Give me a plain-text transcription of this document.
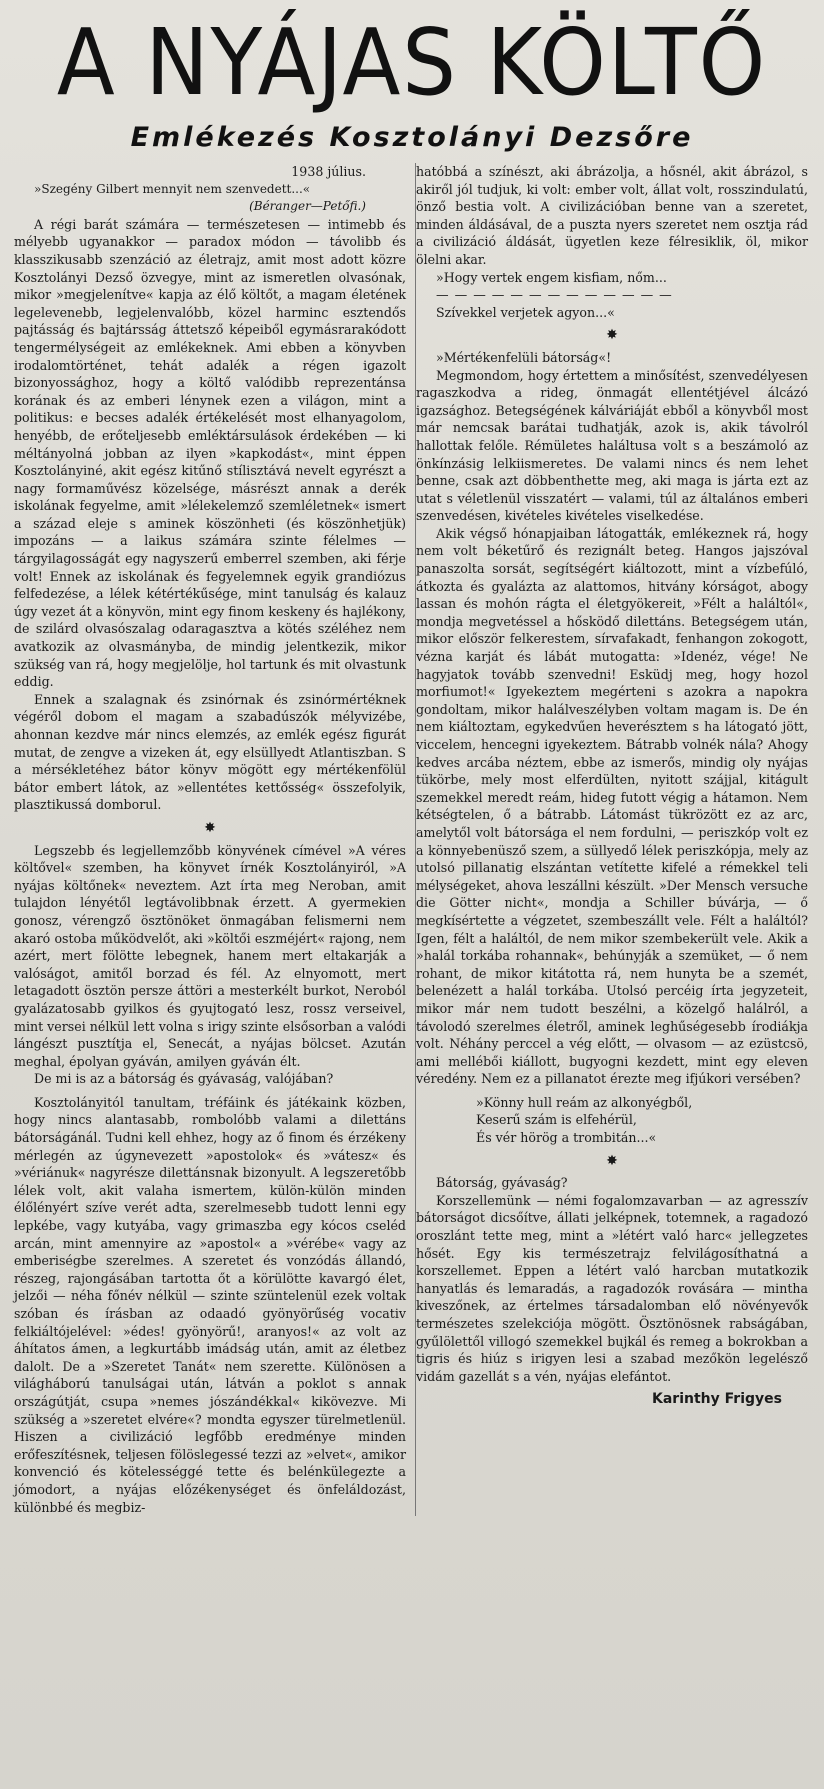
A NYÁJAS KÖLTŐ
Emlékezés Kosztolányi Dezsőre

1938 július.

»Szegény Gilbert mennyit nem szenvedett...«

(Béranger—Petőfi.)

A régi barát számára — természetesen — intimebb és mélyebb ugyanakkor — paradox módon — távolibb és klasszikusabb szenzáció az életrajz, amit most adott közre Kosztolányi Dezső özvegye, mint az ismeretlen olvasónak, mikor »megjelenítve« kapja az élő költőt, a magam életének legelevenebb, legjelenvalóbb, közel harminc esztendős pajtásság és bajtársság áttetsző képeiből egymásrarakódott tengermélységeit az emlékeknek. Ami ebben a könyvben irodalomtörténet, tehát adalék a régen igazolt bizonyossághoz, hogy a költő valódibb reprezentánsa korának és az emberi lénynek ezen a világon, mint a politikus: e becses adalék értékelését most elhanyagolom, henyébb, de erőteljesebb emléktársulások érdekében — ki méltányolná jobban az ilyen »kapkodást«, mint éppen Kosztolányiné, akit egész kitűnő stílisztává nevelt egyrészt a nagy formaművész közelsége, másrészt annak a derék iskolának fegyelme, amit »lélekelemző szemléletnek« ismert a század eleje s aminek köszönheti (és köszönhetjük) impozáns — a laikus számára szinte félelmes — tárgyilagosságát egy nagyszerű emberrel szemben, aki férje volt! Ennek az iskolának és fegyelemnek egyik grandiózus felfedezése, a lélek kétértékűsége, mint tanulság és kalauz úgy vezet át a könyvön, mint egy finom keskeny és hajlékony, de szilárd olvasószalag odaragasztva a kötés széléhez nem avatkozik az olvasmányba, de mindig jelentkezik, mikor szükség van rá, hogy megjelölje, hol tartunk és mit olvastunk eddig.

Ennek a szalagnak és zsinórnak és zsinórmértéknek végéről dobom el magam a szabadúszók mélyvizébe, ahonnan kezdve már nincs elemzés, az emlék egész figurát mutat, de zengve a vizeken át, egy elsüllyedt Atlantiszban. S a mérsékletéhez bátor könyv mögött egy mértékenfölül bátor embert látok, az »ellentétes kettősség« összefolyik, plasztikussá domborul.

✸

Legszebb és legjellemzőbb könyvének címével »A véres költővel« szemben, ha könyvet írnék Kosztolányiról, »A nyájas költőnek« neveztem. Azt írta meg Neroban, amit tulajdon lényétől legtávolibbnak érzett. A gyermekien gonosz, vérengző ösztönöket önmagában felismerni nem akaró ostoba működvelőt, aki »költői eszméjért« rajong, nem azért, mert fölötte lebegnek, hanem mert eltakarják a valóságot, amitől borzad és fél. Az elnyomott, mert letagadott ösztön persze áttöri a mesterkélt burkot, Neroból gyalázatosabb gyilkos és gyujtogató lesz, rossz verseivel, mint versei nélkül lett volna s irigy szinte elsősorban a valódi lángészt pusztítja el, Senecát, a nyájas bölcset. Azután meghal, épolyan gyáván, amilyen gyáván élt.

De mi is az a bátorság és gyávaság, valójában?

Kosztolányitól tanultam, tréfáink és játékaink közben, hogy nincs alantasabb, rombolóbb valami a dilettáns bátorságánál. Tudni kell ehhez, hogy az ő finom és érzékeny mérlegén az úgynevezett »apostolok« és »vátesz« és »vériánuk« nagyrésze dilettánsnak bizonyult. A legszeretőbb lélek volt, akit valaha ismertem, külön-külön minden élőlényért szíve verét adta, szerelmesebb tudott lenni egy lepkébe, vagy kutyába, vagy grimaszba egy kócos cseléd arcán, mint amennyire az »apostol« a »vérébe« vagy az emberiségbe szerelmes. A szeretet és vonzódás állandó, részeg, rajongásában tartotta őt a körülötte kavargó élet, jelzői — néha főnév nélkül — szinte szüntelenül ezek voltak szóban és írásban az odaadó gyönyörűség vocativ felkiáltójelével: »édes! gyönyörű!, aranyos!« az volt az áhítatos ámen, a legkurtább imádság után, amit az életbez dalolt. De a »Szeretet Tanát« nem szerette. Különösen a világháború tanulságai után, látván a poklot s annak országútját, csupa »nemes jószándékkal« kikövezve. Mi szükség a »szeretet elvére«? mondta egyszer türelmetlenül. Hiszen a civilizáció legfőbb eredménye minden erőfeszítésnek, teljesen fölöslegessé tezzi az »elvet«, amikor konvenció és kötelességgé tette és belénkülegezte a jómodort, a nyájas előzékenységet és önfeláldozást, különbbé és megbiz-

hatóbbá a színészt, aki ábrázolja, a hősnél, akit ábrázol, s akiről jól tudjuk, ki volt: ember volt, állat volt, rosszindulatú, önző bestia volt. A civilizációban benne van a szeretet, minden áldásával, de a puszta nyers szeretet nem osztja rád a civilizáció áldását, ügyetlen keze félresiklik, öl, mikor ölelni akar.

»Hogy vertek engem kisfiam, nőm...

— — — — — — — — — — — — —

Szívekkel verjetek agyon...«

✸

»Mértékenfelüli bátorság«!

Megmondom, hogy értettem a minősítést, szenvedélyesen ragaszkodva a rideg, önmagát ellentétjével álcázó igazsághoz. Betegségének kálváriáját ebből a könyvből most már nemcsak barátai tudhatják, azok is, akik távolról hallottak felőle. Rémületes haláltusa volt s a beszámoló az önkínzásig lelkiismeretes. De valami nincs és nem lehet benne, csak azt döbbenthette meg, aki maga is járta ezt az utat s véletlenül visszatért — valami, túl az általános emberi szenvedésen, kivételes kivételes viselkedése.

Akik végső hónapjaiban látogatták, emlékeznek rá, hogy nem volt béketűrő és rezignált beteg. Hangos jajszóval panaszolta sorsát, segítségért kiáltozott, mint a vízbefúló, átkozta és gyalázta az alattomos, hitvány kórságot, abogy lassan és mohón rágta el életgyökereit, »Félt a haláltól«, mondja megvetéssel a hősködő dilettáns. Betegségem után, mikor először felkerestem, sírvafakadt, fenhangon zokogott, vézna karját és lábát mutogatta: »Idenéz, vége! Ne hagyjatok tovább szenvedni! Esküdj meg, hogy hozol morfiumot!« Igyekeztem megérteni s azokra a napokra gondoltam, mikor halálveszélyben voltam magam is. De én nem kiáltoztam, egykedvűen heverésztem s ha látogató jött, viccelem, hencegni igyekeztem. Bátrabb volnék nála? Ahogy kedves arcába néztem, ebbe az ismerős, mindig oly nyájas tükörbe, mely most elferdülten, nyitott szájjal, kitágult szemekkel meredt reám, hideg futott végig a hátamon. Nem kétségtelen, ő a bátrabb. Látomást tükrözött ez az arc, amelytől volt bátorsága el nem fordulni, — periszkóp volt ez a könnyebenüsző szem, a süllyedő lélek periszkópja, mely az utolsó pillanatig elszántan vetítette kifelé a rémekkel teli mélységeket, ahova leszállni készült. »Der Mensch versuche die Götter nicht«, mondja a Schiller búvárja, — ő megkísértette a végzetet, szembeszállt vele. Félt a haláltól? Igen, félt a haláltól, de nem mikor szembekerült vele. Akik a »halál torkába rohannak«, behúnyják a szemüket, — ő nem rohant, de mikor kitátotta rá, nem hunyta be a szemét, belenézett a halál torkába. Utolsó percéig írta jegyzeteit, mikor már nem tudott beszélni, a közelgő halálról, a távolodó szerelmes életről, aminek leghűségesebb írodiákja volt. Néhány perccel a vég előtt, — olvasom — az ezüstcsö, ami mellébői kiállott, bugyogni kezdett, mint egy eleven véredény. Nem ez a pillanatot érezte meg ifjúkori versében?

»Könny hull reám az alkonyégből,

Keserű szám is elfehérül,

És vér hörög a trombitán...«

✸

Bátorság, gyávaság?

Korszellemünk — némi fogalomzavarban — az agresszív bátorságot dicsőítve, állati jelképnek, totemnek, a ragadozó oroszlánt tette meg, mint a »létért való harc« jellegzetes hősét. Egy kis természetrajz felvilágosíthatná a korszellemet. Eppen a létért való harcban mutatkozik hanyatlás és lemaradás, a ragadozók rovására — mintha kiveszőnek, az értelmes társadalomban elő növényevők természetes szelekciója mögött. Ösztönösnek rabságában, gyűlölettől villogó szemekkel bujkál és remeg a bokrokban a tigris és hiúz s irigyen lesi a szabad mezőkön legelésző vidám gazellát s a vén, nyájas elefántot.

Karinthy Frigyes
